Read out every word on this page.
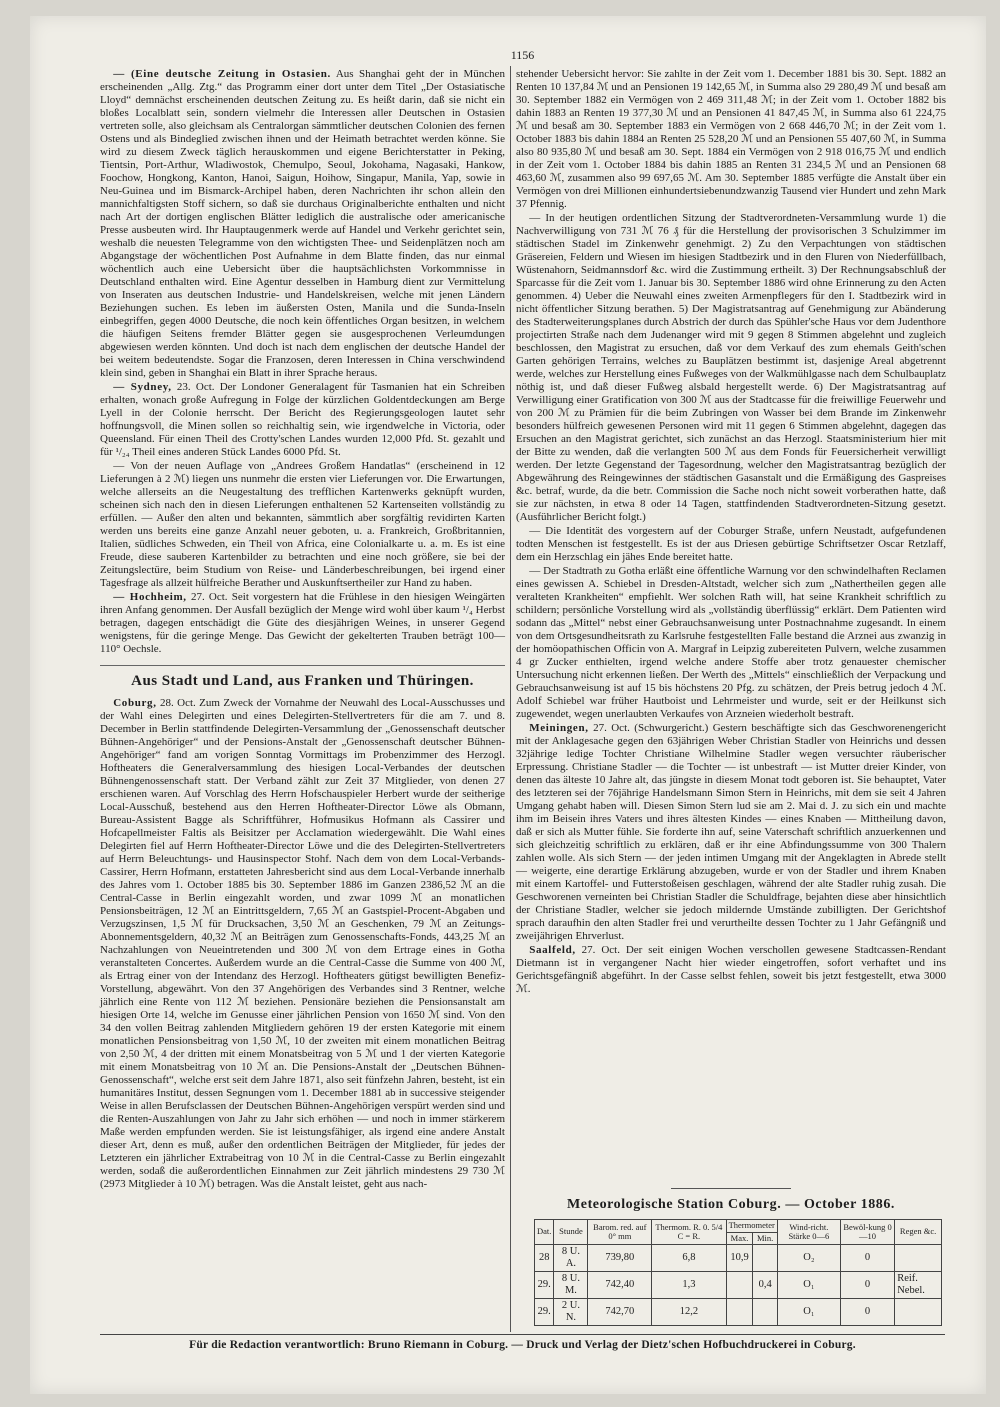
1156

— (Eine deutsche Zeitung in Ostasien. Aus Shanghai geht der in München erscheinenden „Allg. Ztg.“ das Programm einer dort unter dem Titel „Der Ostasiatische Lloyd“ demnächst erscheinenden deutschen Zeitung zu. Es heißt darin, daß sie nicht ein bloßes Localblatt sein, sondern vielmehr die Interessen aller Deutschen in Ostasien vertreten solle, also gleichsam als Centralorgan sämmtlicher deutschen Colonien des fernen Ostens und als Bindeglied zwischen ihnen und der Heimath betrachtet werden könne. Sie wird zu diesem Zweck täglich herauskommen und eigene Berichterstatter in Peking, Tientsin, Port-Arthur, Wladiwostok, Chemulpo, Seoul, Jokohama, Nagasaki, Hankow, Foochow, Hongkong, Kanton, Hanoi, Saigun, Hoihow, Singapur, Manila, Yap, sowie in Neu-Guinea und im Bismarck-Archipel haben, deren Nachrichten ihr schon allein den mannichfaltigsten Stoff sichern, so daß sie durchaus Originalberichte enthalten und nicht nach Art der dortigen englischen Blätter lediglich die australische oder americanische Presse ausbeuten wird. Ihr Hauptaugenmerk werde auf Handel und Verkehr gerichtet sein, weshalb die neuesten Telegramme von den wichtigsten Thee- und Seidenplätzen noch am Abgangstage der wöchentlichen Post Aufnahme in dem Blatte finden, das nur einmal wöchentlich auch eine Uebersicht über die hauptsächlichsten Vorkommnisse in Deutschland enthalten wird. Eine Agentur desselben in Hamburg dient zur Vermittelung von Inseraten aus deutschen Industrie- und Handelskreisen, welche mit jenen Ländern Beziehungen suchen. Es leben im äußersten Osten, Manila und die Sunda-Inseln einbegriffen, gegen 4000 Deutsche, die noch kein öffentliches Organ besitzen, in welchem die häufigen Seitens fremder Blätter gegen sie ausgesprochenen Verleumdungen abgewiesen werden könnten. Und doch ist nach dem englischen der deutsche Handel der bei weitem bedeutendste. Sogar die Franzosen, deren Interessen in China verschwindend klein sind, geben in Shanghai ein Blatt in ihrer Sprache heraus.

— Sydney, 23. Oct. Der Londoner Generalagent für Tasmanien hat ein Schreiben erhalten, wonach große Aufregung in Folge der kürzlichen Goldentdeckungen am Berge Lyell in der Colonie herrscht. Der Bericht des Regierungsgeologen lautet sehr hoffnungsvoll, die Minen sollen so reichhaltig sein, wie irgendwelche in Victoria, oder Queensland. Für einen Theil des Crotty'schen Landes wurden 12,000 Pfd. St. gezahlt und für ¹/₂₄ Theil eines anderen Stück Landes 6000 Pfd. St.

— Von der neuen Auflage von „Andrees Großem Handatlas“ (erscheinend in 12 Lieferungen à 2 ℳ) liegen uns nunmehr die ersten vier Lieferungen vor. Die Erwartungen, welche allerseits an die Neugestaltung des trefflichen Kartenwerks geknüpft wurden, scheinen sich nach den in diesen Lieferungen enthaltenen 52 Kartenseiten vollständig zu erfüllen. — Außer den alten und bekannten, sämmtlich aber sorgfältig revidirten Karten werden uns bereits eine ganze Anzahl neuer geboten, u. a. Frankreich, Großbritannien, Italien, südliches Schweden, ein Theil von Africa, eine Colonialkarte u. a. m. Es ist eine Freude, diese sauberen Kartenbilder zu betrachten und eine noch größere, sie bei der Zeitungslectüre, beim Studium von Reise- und Länderbeschreibungen, bei irgend einer Tagesfrage als allzeit hülfreiche Berather und Auskunftsertheiler zur Hand zu haben.

— Hochheim, 27. Oct. Seit vorgestern hat die Frühlese in den hiesigen Weingärten ihren Anfang genommen. Der Ausfall bezüglich der Menge wird wohl über kaum ¹/₄ Herbst betragen, dagegen entschädigt die Güte des diesjährigen Weines, in unserer Gegend wenigstens, für die geringe Menge. Das Gewicht der gekelterten Trauben beträgt 100—110° Oechsle.

Aus Stadt und Land, aus Franken und Thüringen.

Coburg, 28. Oct. Zum Zweck der Vornahme der Neuwahl des Local-Ausschusses und der Wahl eines Delegirten und eines Delegirten-Stellvertreters für die am 7. und 8. December in Berlin stattfindende Delegirten-Versammlung der „Genossenschaft deutscher Bühnen-Angehöriger“ und der Pensions-Anstalt der „Genossenschaft deutscher Bühnen-Angehöriger“ fand am vorigen Sonntag Vormittags im Probenzimmer des Herzogl. Hoftheaters die Generalversammlung des hiesigen Local-Verbandes der deutschen Bühnengenossenschaft statt. Der Verband zählt zur Zeit 37 Mitglieder, von denen 27 erschienen waren. Auf Vorschlag des Herrn Hofschauspieler Herbert wurde der seitherige Local-Ausschuß, bestehend aus den Herren Hoftheater-Director Löwe als Obmann, Bureau-Assistent Bagge als Schriftführer, Hofmusikus Hofmann als Cassirer und Hofcapellmeister Faltis als Beisitzer per Acclamation wiedergewählt. Die Wahl eines Delegirten fiel auf Herrn Hoftheater-Director Löwe und die des Delegirten-Stellvertreters auf Herrn Beleuchtungs- und Hausinspector Stohf. Nach dem von dem Local-Verbands-Cassirer, Herrn Hofmann, erstatteten Jahresbericht sind aus dem Local-Verbande innerhalb des Jahres vom 1. October 1885 bis 30. September 1886 im Ganzen 2386,52 ℳ an die Central-Casse in Berlin eingezahlt worden, und zwar 1099 ℳ an monatlichen Pensionsbeiträgen, 12 ℳ an Eintrittsgeldern, 7,65 ℳ an Gastspiel-Procent-Abgaben und Verzugszinsen, 1,5 ℳ für Drucksachen, 3,50 ℳ an Geschenken, 79 ℳ an Zeitungs-Abonnementsgeldern, 40,32 ℳ an Beiträgen zum Genossenschafts-Fonds, 443,25 ℳ an Nachzahlungen von Neueintretenden und 300 ℳ von dem Ertrage eines in Gotha veranstalteten Concertes. Außerdem wurde an die Central-Casse die Summe von 400 ℳ, als Ertrag einer von der Intendanz des Herzogl. Hoftheaters gütigst bewilligten Benefiz-Vorstellung, abgewährt. Von den 37 Angehörigen des Verbandes sind 3 Rentner, welche jährlich eine Rente von 112 ℳ beziehen. Pensionäre beziehen die Pensionsanstalt am hiesigen Orte 14, welche im Genusse einer jährlichen Pension von 1650 ℳ sind. Von den 34 den vollen Beitrag zahlenden Mitgliedern gehören 19 der ersten Kategorie mit einem monatlichen Pensionsbeitrag von 1,50 ℳ, 10 der zweiten mit einem monatlichen Beitrag von 2,50 ℳ, 4 der dritten mit einem Monatsbeitrag von 5 ℳ und 1 der vierten Kategorie mit einem Monatsbeitrag von 10 ℳ an. Die Pensions-Anstalt der „Deutschen Bühnen-Genossenschaft“, welche erst seit dem Jahre 1871, also seit fünfzehn Jahren, besteht, ist ein humanitäres Institut, dessen Segnungen vom 1. December 1881 ab in successive steigender Weise in allen Berufsclassen der Deutschen Bühnen-Angehörigen verspürt werden sind und die Renten-Auszahlungen von Jahr zu Jahr sich erhöhen — und noch in immer stärkerem Maße werden empfunden werden. Sie ist leistungsfähiger, als irgend eine andere Anstalt dieser Art, denn es muß, außer den ordentlichen Beiträgen der Mitglieder, für jedes der Letzteren ein jährlicher Extrabeitrag von 10 ℳ in die Central-Casse zu Berlin eingezahlt werden, sodaß die außerordentlichen Einnahmen zur Zeit jährlich mindestens 29 730 ℳ (2973 Mitglieder à 10 ℳ) betragen. Was die Anstalt leistet, geht aus nach-

stehender Uebersicht hervor: Sie zahlte in der Zeit vom 1. December 1881 bis 30. Sept. 1882 an Renten 10 137,84 ℳ und an Pensionen 19 142,65 ℳ, in Summa also 29 280,49 ℳ und besaß am 30. September 1882 ein Vermögen von 2 469 311,48 ℳ; in der Zeit vom 1. October 1882 bis dahin 1883 an Renten 19 377,30 ℳ und an Pensionen 41 847,45 ℳ, in Summa also 61 224,75 ℳ und besaß am 30. September 1883 ein Vermögen von 2 668 446,70 ℳ; in der Zeit vom 1. October 1883 bis dahin 1884 an Renten 25 528,20 ℳ und an Pensionen 55 407,60 ℳ, in Summa also 80 935,80 ℳ und besaß am 30. Sept. 1884 ein Vermögen von 2 918 016,75 ℳ und endlich in der Zeit vom 1. October 1884 bis dahin 1885 an Renten 31 234,5 ℳ und an Pensionen 68 463,60 ℳ, zusammen also 99 697,65 ℳ. Am 30. September 1885 verfügte die Anstalt über ein Vermögen von drei Millionen einhundertsiebenundzwanzig Tausend vier Hundert und zehn Mark 37 Pfennig.

— In der heutigen ordentlichen Sitzung der Stadtverordneten-Versammlung wurde 1) die Nachverwilligung von 731 ℳ 76 ₰ für die Herstellung der provisorischen 3 Schulzimmer im städtischen Stadel im Zinkenwehr genehmigt. 2) Zu den Verpachtungen von städtischen Gräsereien, Feldern und Wiesen im hiesigen Stadtbezirk und in den Fluren von Niederfüllbach, Wüstenahorn, Seidmannsdorf &c. wird die Zustimmung ertheilt. 3) Der Rechnungsabschluß der Sparcasse für die Zeit vom 1. Januar bis 30. September 1886 wird ohne Erinnerung zu den Acten genommen. 4) Ueber die Neuwahl eines zweiten Armenpflegers für den I. Stadtbezirk wird in nicht öffentlicher Sitzung berathen. 5) Der Magistratsantrag auf Genehmigung zur Abänderung des Stadterweiterungsplanes durch Abstrich der durch das Spühler'sche Haus vor dem Judenthore projectirten Straße nach dem Judenanger wird mit 9 gegen 8 Stimmen abgelehnt und zugleich beschlossen, den Magistrat zu ersuchen, daß vor dem Verkauf des zum ehemals Geith'schen Garten gehörigen Terrains, welches zu Bauplätzen bestimmt ist, dasjenige Areal abgetrennt werde, welches zur Herstellung eines Fußweges von der Walkmühlgasse nach dem Schulbauplatz nöthig ist, und daß dieser Fußweg alsbald hergestellt werde. 6) Der Magistratsantrag auf Verwilligung einer Gratification von 300 ℳ aus der Stadtcasse für die freiwillige Feuerwehr und von 200 ℳ zu Prämien für die beim Zubringen von Wasser bei dem Brande im Zinkenwehr besonders hülfreich gewesenen Personen wird mit 11 gegen 6 Stimmen abgelehnt, dagegen das Ersuchen an den Magistrat gerichtet, sich zunächst an das Herzogl. Staatsministerium hier mit der Bitte zu wenden, daß die verlangten 500 ℳ aus dem Fonds für Feuersicherheit verwilligt werden. Der letzte Gegenstand der Tagesordnung, welcher den Magistratsantrag bezüglich der Abgewährung des Reingewinnes der städtischen Gasanstalt und die Ermäßigung des Gaspreises &c. betraf, wurde, da die betr. Commission die Sache noch nicht soweit vorberathen hatte, daß sie zur nächsten, in etwa 8 oder 14 Tagen, stattfindenden Stadtverordneten-Sitzung gesetzt. (Ausführlicher Bericht folgt.)

— Die Identität des vorgestern auf der Coburger Straße, unfern Neustadt, aufgefundenen todten Menschen ist festgestellt. Es ist der aus Driesen gebürtige Schriftsetzer Oscar Retzlaff, dem ein Herzschlag ein jähes Ende bereitet hatte.

— Der Stadtrath zu Gotha erläßt eine öffentliche Warnung vor den schwindelhaften Reclamen eines gewissen A. Schiebel in Dresden-Altstadt, welcher sich zum „Nathertheilen gegen alle veralteten Krankheiten“ empfiehlt. Wer solchen Rath will, hat seine Krankheit schriftlich zu schildern; persönliche Vorstellung wird als „vollständig überflüssig“ erklärt. Dem Patienten wird sodann das „Mittel“ nebst einer Gebrauchsanweisung unter Postnachnahme zugesandt. In einem von dem Ortsgesundheitsrath zu Karlsruhe festgestellten Falle bestand die Arznei aus zwanzig in der homöopathischen Officin von A. Margraf in Leipzig zubereiteten Pulvern, welche zusammen 4 gr Zucker enthielten, irgend welche andere Stoffe aber trotz genauester chemischer Untersuchung nicht erkennen ließen. Der Werth des „Mittels“ einschließlich der Verpackung und Gebrauchsanweisung ist auf 15 bis höchstens 20 Pfg. zu schätzen, der Preis betrug jedoch 4 ℳ. Adolf Schiebel war früher Hautboist und Lehrmeister und wurde, seit er der Heilkunst sich zugewendet, wegen unerlaubten Verkaufes von Arzneien wiederholt bestraft.

Meiningen, 27. Oct. (Schwurgericht.) Gestern beschäftigte sich das Geschworenengericht mit der Anklagesache gegen den 63jährigen Weber Christian Stadler von Heinrichs und dessen 32jährige ledige Tochter Christiane Wilhelmine Stadler wegen versuchter räuberischer Erpressung. Christiane Stadler — die Tochter — ist unbestraft — ist Mutter dreier Kinder, von denen das älteste 10 Jahre alt, das jüngste in diesem Monat todt geboren ist. Sie behauptet, Vater des letzteren sei der 76jährige Handelsmann Simon Stern in Heinrichs, mit dem sie seit 4 Jahren Umgang gehabt haben will. Diesen Simon Stern lud sie am 2. Mai d. J. zu sich ein und machte ihm im Beisein ihres Vaters und ihres ältesten Kindes — eines Knaben — Mittheilung davon, daß er sich als Mutter fühle. Sie forderte ihn auf, seine Vaterschaft schriftlich anzuerkennen und sich gleichzeitig schriftlich zu erklären, daß er ihr eine Abfindungssumme von 300 Thalern zahlen wolle. Als sich Stern — der jeden intimen Umgang mit der Angeklagten in Abrede stellt — weigerte, eine derartige Erklärung abzugeben, wurde er von der Stadler und ihrem Knaben mit einem Kartoffel- und Futterstoßeisen geschlagen, während der alte Stadler ruhig zusah. Die Geschworenen verneinten bei Christian Stadler die Schuldfrage, bejahten diese aber hinsichtlich der Christiane Stadler, welcher sie jedoch mildernde Umstände zubilligten. Der Gerichtshof sprach daraufhin den alten Stadler frei und verurtheilte dessen Tochter zu 1 Jahr Gefängniß und zweijährigen Ehrverlust.

Saalfeld, 27. Oct. Der seit einigen Wochen verschollen gewesene Stadtcassen-Rendant Dietmann ist in vergangener Nacht hier wieder eingetroffen, sofort verhaftet und ins Gerichtsgefängniß abgeführt. In der Casse selbst fehlen, soweit bis jetzt festgestellt, etwa 3000 ℳ.

Meteorologische Station Coburg. — October 1886.
Dat.	Stunde	Barom. red. auf 0° mm	Thermom. R. 0. 5/4 C = R.	Thermometer		Wind-richt. Stärke 0—6	Bewöl-kung 0—10	Regen &c.
				Max.	Min.			
28	8 U. A.	739,80	6,8	10,9		O₂	0	
29.	8 U. M.	742,40	1,3		0,4	O₁	0	Reif. Nebel.
29.	2 U. N.	742,70	12,2			O₁	0	
Für die Redaction verantwortlich: Bruno Riemann in Coburg. — Druck und Verlag der Dietz'schen Hofbuchdruckerei in Coburg.
